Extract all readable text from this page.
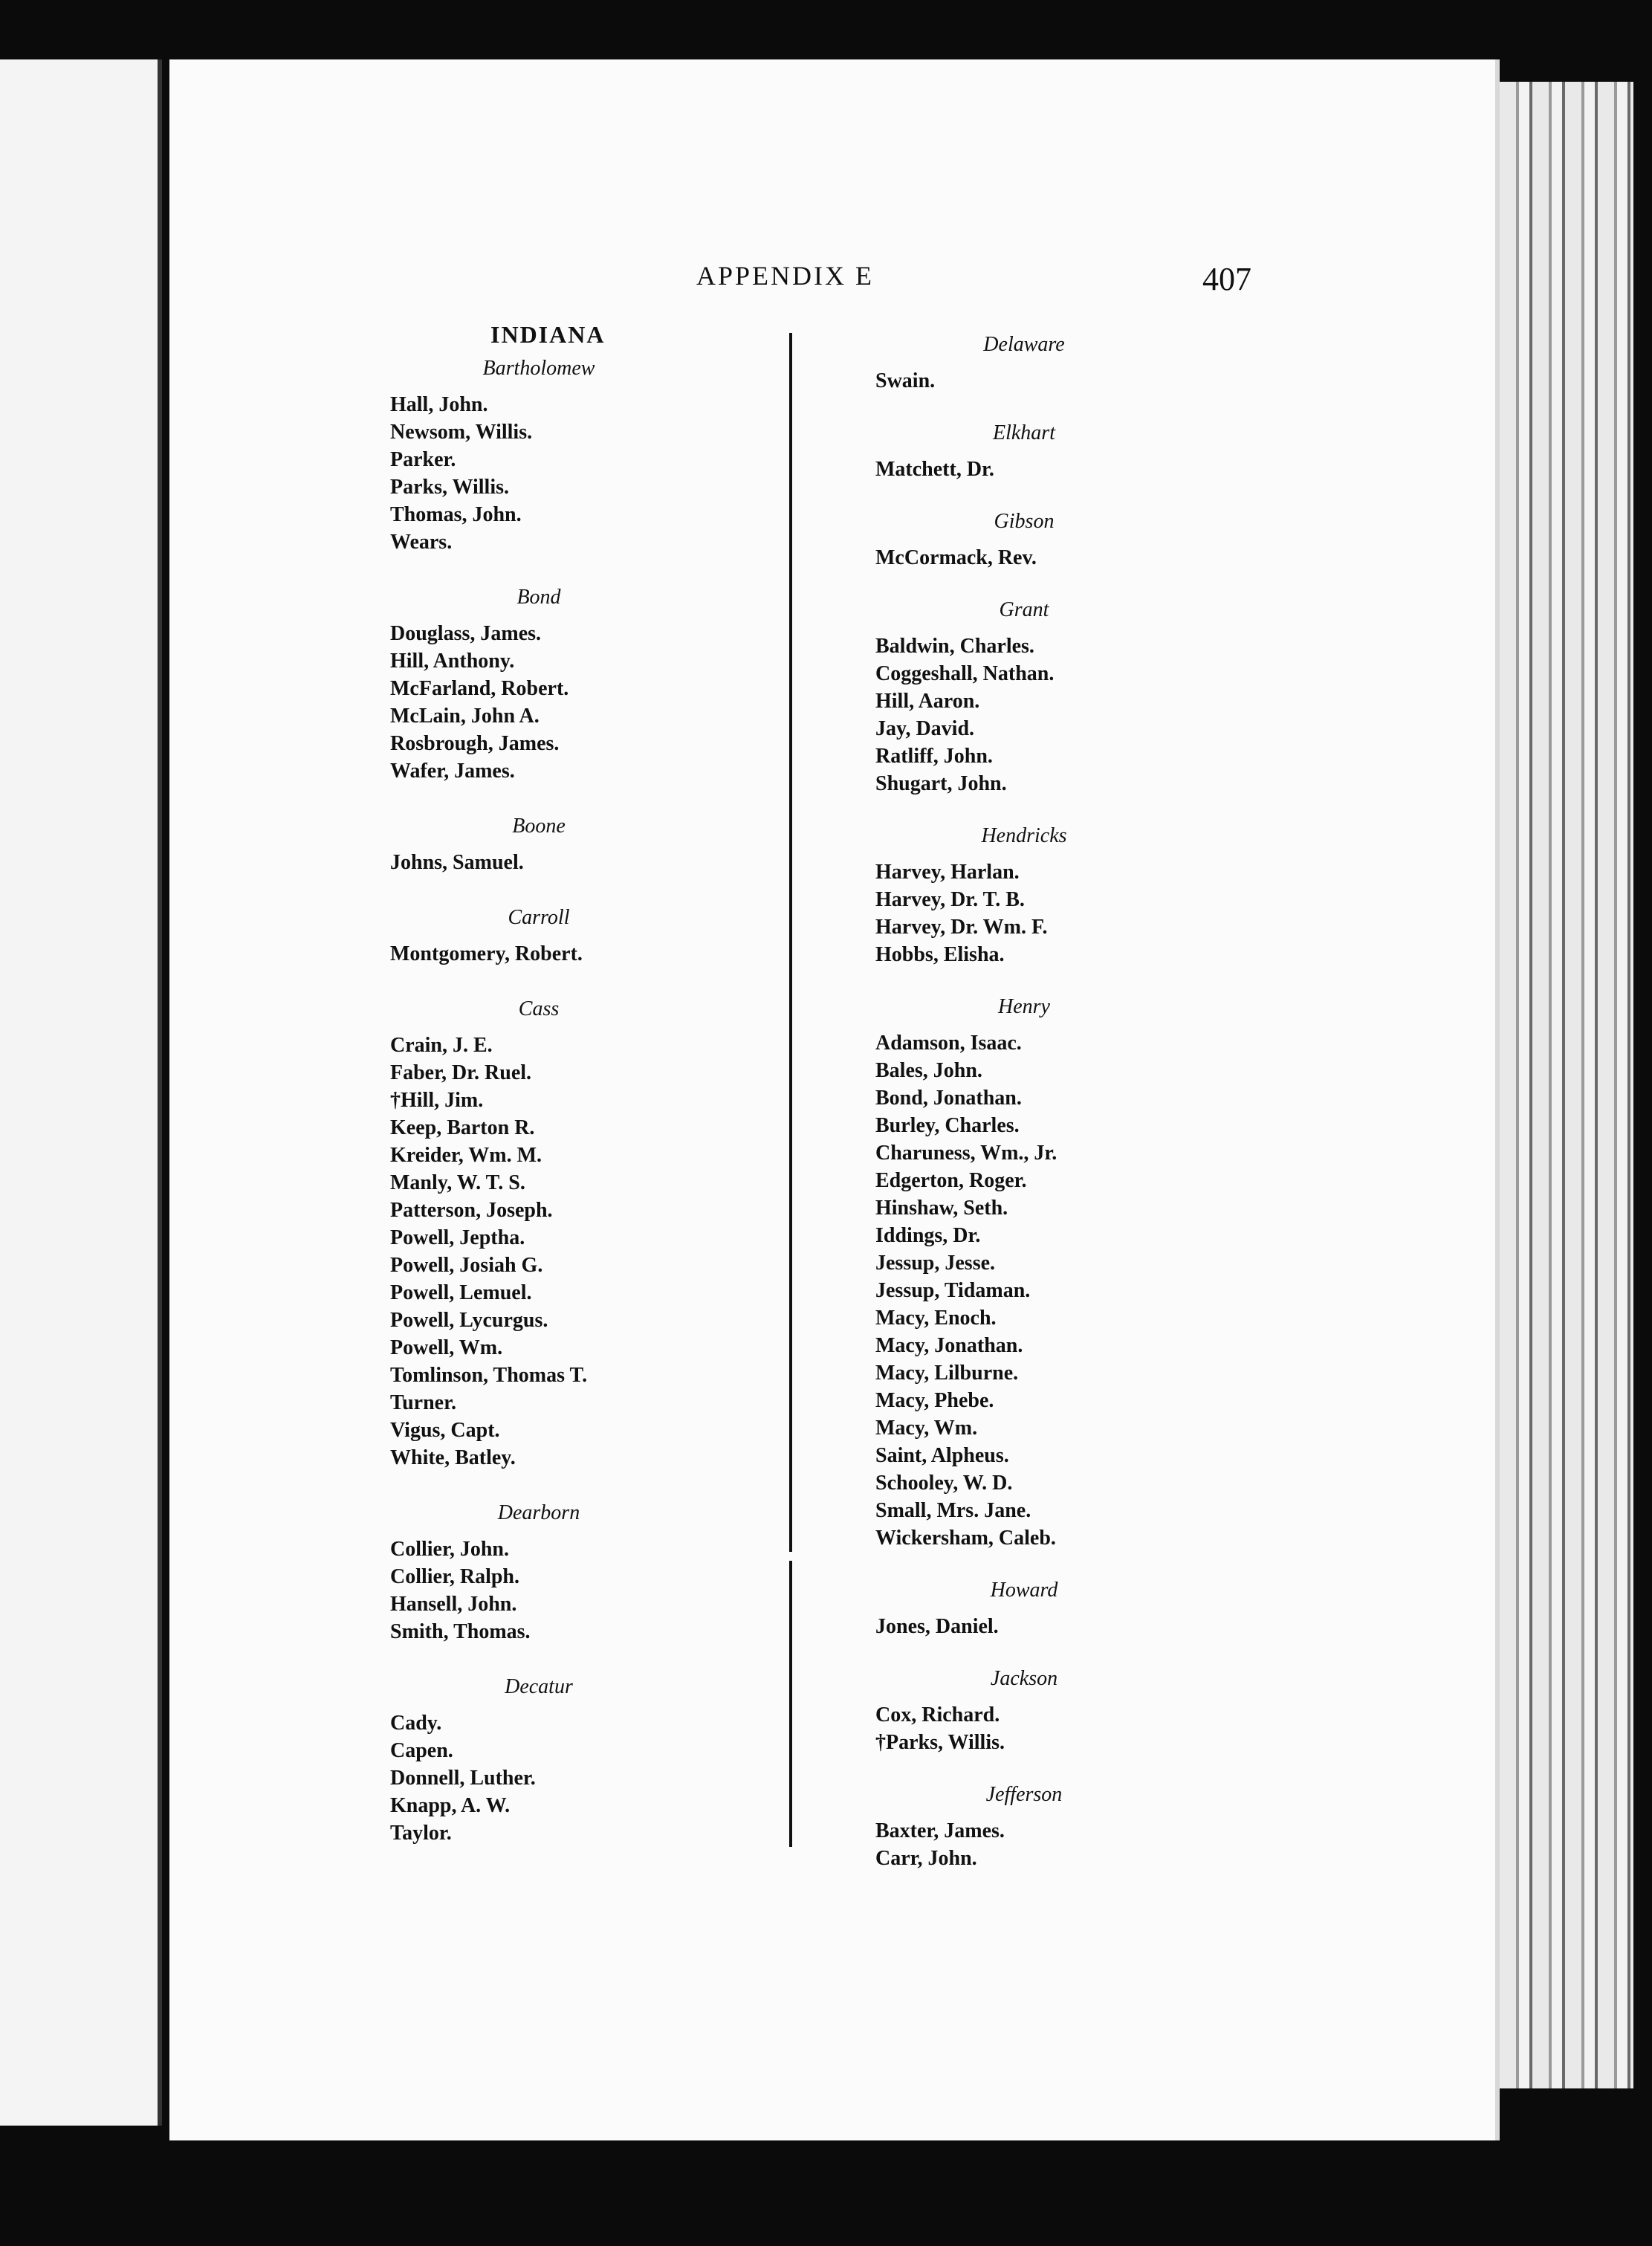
APPENDIX E	407
INDIANA
Bartholomew
Hall, John.
Newsom, Willis.
Parker.
Parks, Willis.
Thomas, John.
Wears.
Bond
Douglass, James.
Hill, Anthony.
McFarland, Robert.
McLain, John A.
Rosbrough, James.
Wafer, James.
Boone
Johns, Samuel.
Carroll
Montgomery, Robert.
Cass
Crain, J. E.
Faber, Dr. Ruel.
†Hill, Jim.
Keep, Barton R.
Kreider, Wm. M.
Manly, W. T. S.
Patterson, Joseph.
Powell, Jeptha.
Powell, Josiah G.
Powell, Lemuel.
Powell, Lycurgus.
Powell, Wm.
Tomlinson, Thomas T.
Turner.
Vigus, Capt.
White, Batley.
Dearborn
Collier, John.
Collier, Ralph.
Hansell, John.
Smith, Thomas.
Decatur
Cady.
Capen.
Donnell, Luther.
Knapp, A. W.
Taylor.
Delaware
Swain.
Elkhart
Matchett, Dr.
Gibson
McCormack, Rev.
Grant
Baldwin, Charles.
Coggeshall, Nathan.
Hill, Aaron.
Jay, David.
Ratliff, John.
Shugart, John.
Hendricks
Harvey, Harlan.
Harvey, Dr. T. B.
Harvey, Dr. Wm. F.
Hobbs, Elisha.
Henry
Adamson, Isaac.
Bales, John.
Bond, Jonathan.
Burley, Charles.
Charuness, Wm., Jr.
Edgerton, Roger.
Hinshaw, Seth.
Iddings, Dr.
Jessup, Jesse.
Jessup, Tidaman.
Macy, Enoch.
Macy, Jonathan.
Macy, Lilburne.
Macy, Phebe.
Macy, Wm.
Saint, Alpheus.
Schooley, W. D.
Small, Mrs. Jane.
Wickersham, Caleb.
Howard
Jones, Daniel.
Jackson
Cox, Richard.
†Parks, Willis.
Jefferson
Baxter, James.
Carr, John.
